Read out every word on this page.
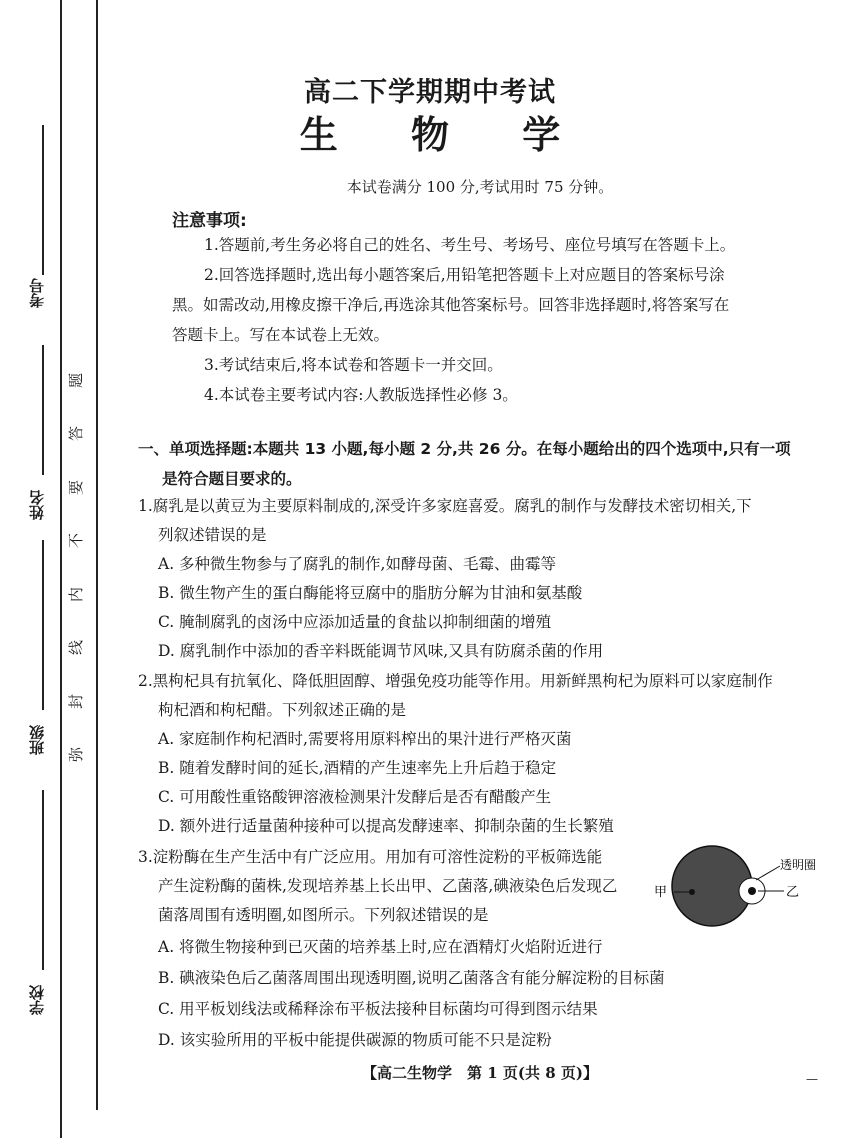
考号
姓名
班级
学校
题
答
要
不
内
线
封
弥
高二下学期期中考试
生 物 学
本试卷满分 100 分,考试用时 75 分钟。
注意事项:
1.答题前,考生务必将自己的姓名、考生号、考场号、座位号填写在答题卡上。
2.回答选择题时,选出每小题答案后,用铅笔把答题卡上对应题目的答案标号涂
黑。如需改动,用橡皮擦干净后,再选涂其他答案标号。回答非选择题时,将答案写在
答题卡上。写在本试卷上无效。
3.考试结束后,将本试卷和答题卡一并交回。
4.本试卷主要考试内容:人教版选择性必修 3。
一、单项选择题:本题共 13 小题,每小题 2 分,共 26 分。在每小题给出的四个选项中,只有一项
是符合题目要求的。
1.腐乳是以黄豆为主要原料制成的,深受许多家庭喜爱。腐乳的制作与发酵技术密切相关,下
列叙述错误的是
A. 多种微生物参与了腐乳的制作,如酵母菌、毛霉、曲霉等
B. 微生物产生的蛋白酶能将豆腐中的脂肪分解为甘油和氨基酸
C. 腌制腐乳的卤汤中应添加适量的食盐以抑制细菌的增殖
D. 腐乳制作中添加的香辛料既能调节风味,又具有防腐杀菌的作用
2.黑枸杞具有抗氧化、降低胆固醇、增强免疫功能等作用。用新鲜黑枸杞为原料可以家庭制作
枸杞酒和枸杞醋。下列叙述正确的是
A. 家庭制作枸杞酒时,需要将用原料榨出的果汁进行严格灭菌
B. 随着发酵时间的延长,酒精的产生速率先上升后趋于稳定
C. 可用酸性重铬酸钾溶液检测果汁发酵后是否有醋酸产生
D. 额外进行适量菌种接种可以提高发酵速率、抑制杂菌的生长繁殖
3.淀粉酶在生产生活中有广泛应用。用加有可溶性淀粉的平板筛选能
产生淀粉酶的菌株,发现培养基上长出甲、乙菌落,碘液染色后发现乙
菌落周围有透明圈,如图所示。下列叙述错误的是
A. 将微生物接种到已灭菌的培养基上时,应在酒精灯火焰附近进行
B. 碘液染色后乙菌落周围出现透明圈,说明乙菌落含有能分解淀粉的目标菌
C. 用平板划线法或稀释涂布平板法接种目标菌均可得到图示结果
D. 该实验所用的平板中能提供碳源的物质可能不只是淀粉
透明圈
甲	乙
【高二生物学　第 1 页(共 8 页)】	—
